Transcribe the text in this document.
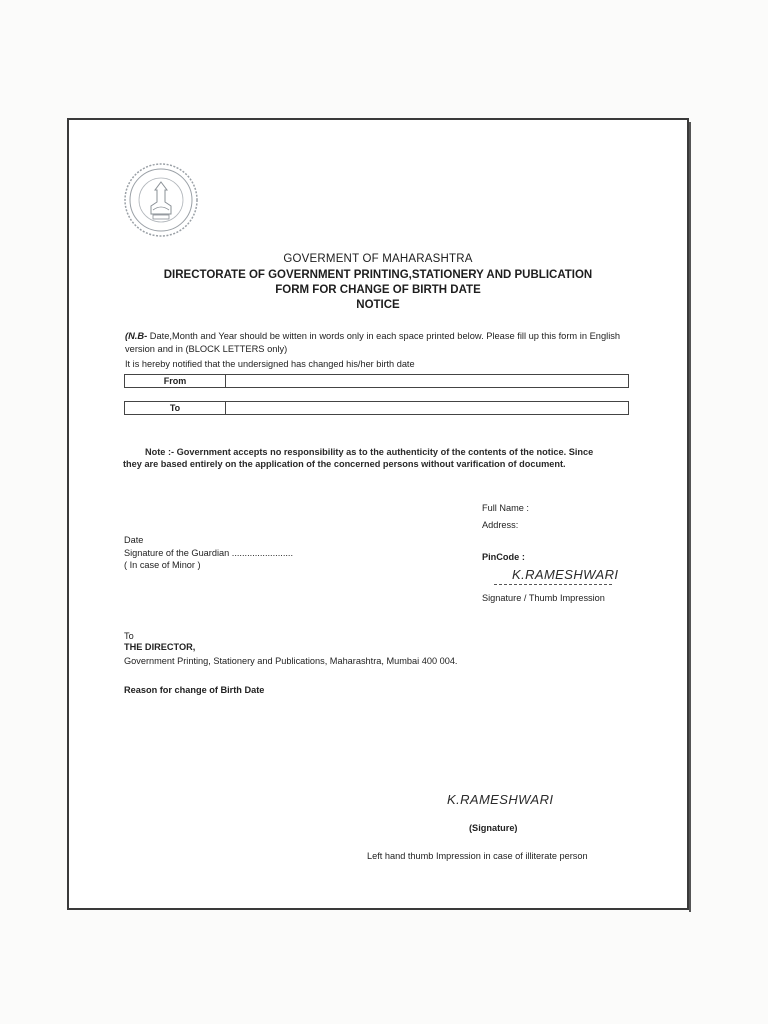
GOVERMENT OF MAHARASHTRA
DIRECTORATE OF GOVERNMENT PRINTING,STATIONERY AND PUBLICATION
FORM FOR CHANGE OF BIRTH DATE
NOTICE
(N.B- Date,Month and Year should be witten in words only in each space printed below. Please fill up this form in English version and in (BLOCK LETTERS only)
It is hereby notified that the undersigned has changed his/her birth date
From
To
Note :- Government accepts no responsibility as to the authenticity of the contents of the notice. Since they are based entirely on the application of the concerned persons without varification of document.
Full Name :
Address:
Date
Signature of the Guardian ........................
( In case of Minor )
PinCode :
K.RAMESHWARI
Signature / Thumb Impression
To
THE DIRECTOR,
Government Printing, Stationery and Publications, Maharashtra, Mumbai 400 004.
Reason for change of Birth Date
K.RAMESHWARI
(Signature)
Left hand thumb Impression in case of illiterate person
